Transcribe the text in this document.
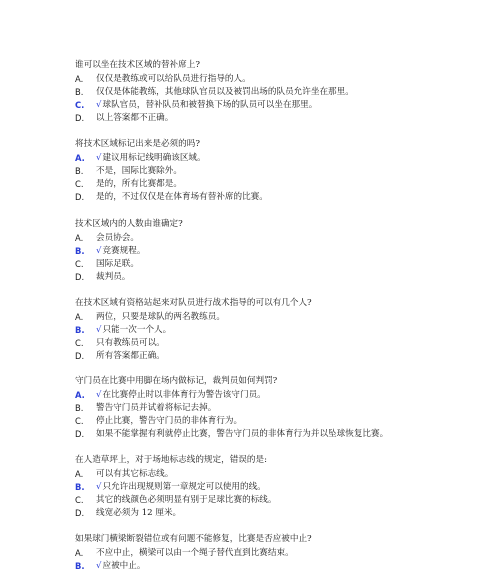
谁可以坐在技术区域的替补席上?
A.	仅仅是教练或可以给队员进行指导的人。
B.	仅仅是体能教练，其他球队官员以及被罚出场的队员允许坐在那里。
C.	√ 球队官员，替补队员和被替换下场的队员可以坐在那里。
D.	以上答案都不正确。
将技术区域标记出来是必须的吗?
A.	√ 建议用标记线明确该区域。
B.	不是，国际比赛除外。
C.	是的，所有比赛都是。
D.	是的，不过仅仅是在体育场有替补席的比赛。
技术区域内的人数由谁确定?
A.	会员协会。
B.	√ 竞赛规程。
C.	国际足联。
D.	裁判员。
在技术区域有资格站起来对队员进行战术指导的可以有几个人?
A.	两位，只要是球队的两名教练员。
B.	√ 只能一次一个人。
C.	只有教练员可以。
D.	所有答案都正确。
守门员在比赛中用脚在场内做标记，裁判员如何判罚?
A.	√ 在比赛停止时以非体育行为警告该守门员。
B.	警告守门员并试着将标记去掉。
C.	停止比赛，警告守门员的非体育行为。
D.	如果不能掌握有利就停止比赛，警告守门员的非体育行为并以坠球恢复比赛。
在人造草坪上，对于场地标志线的规定，错误的是:
A.	可以有其它标志线。
B.	√ 只允许出现规则第一章规定可以使用的线。
C.	其它的线颜色必须明显有别于足球比赛的标线。
D.	线宽必须为 12 厘米。
如果球门横梁断裂错位或有问题不能修复，比赛是否应被中止?
A.	不应中止，横梁可以由一个绳子替代直到比赛结束。
B.	√ 应被中止。
